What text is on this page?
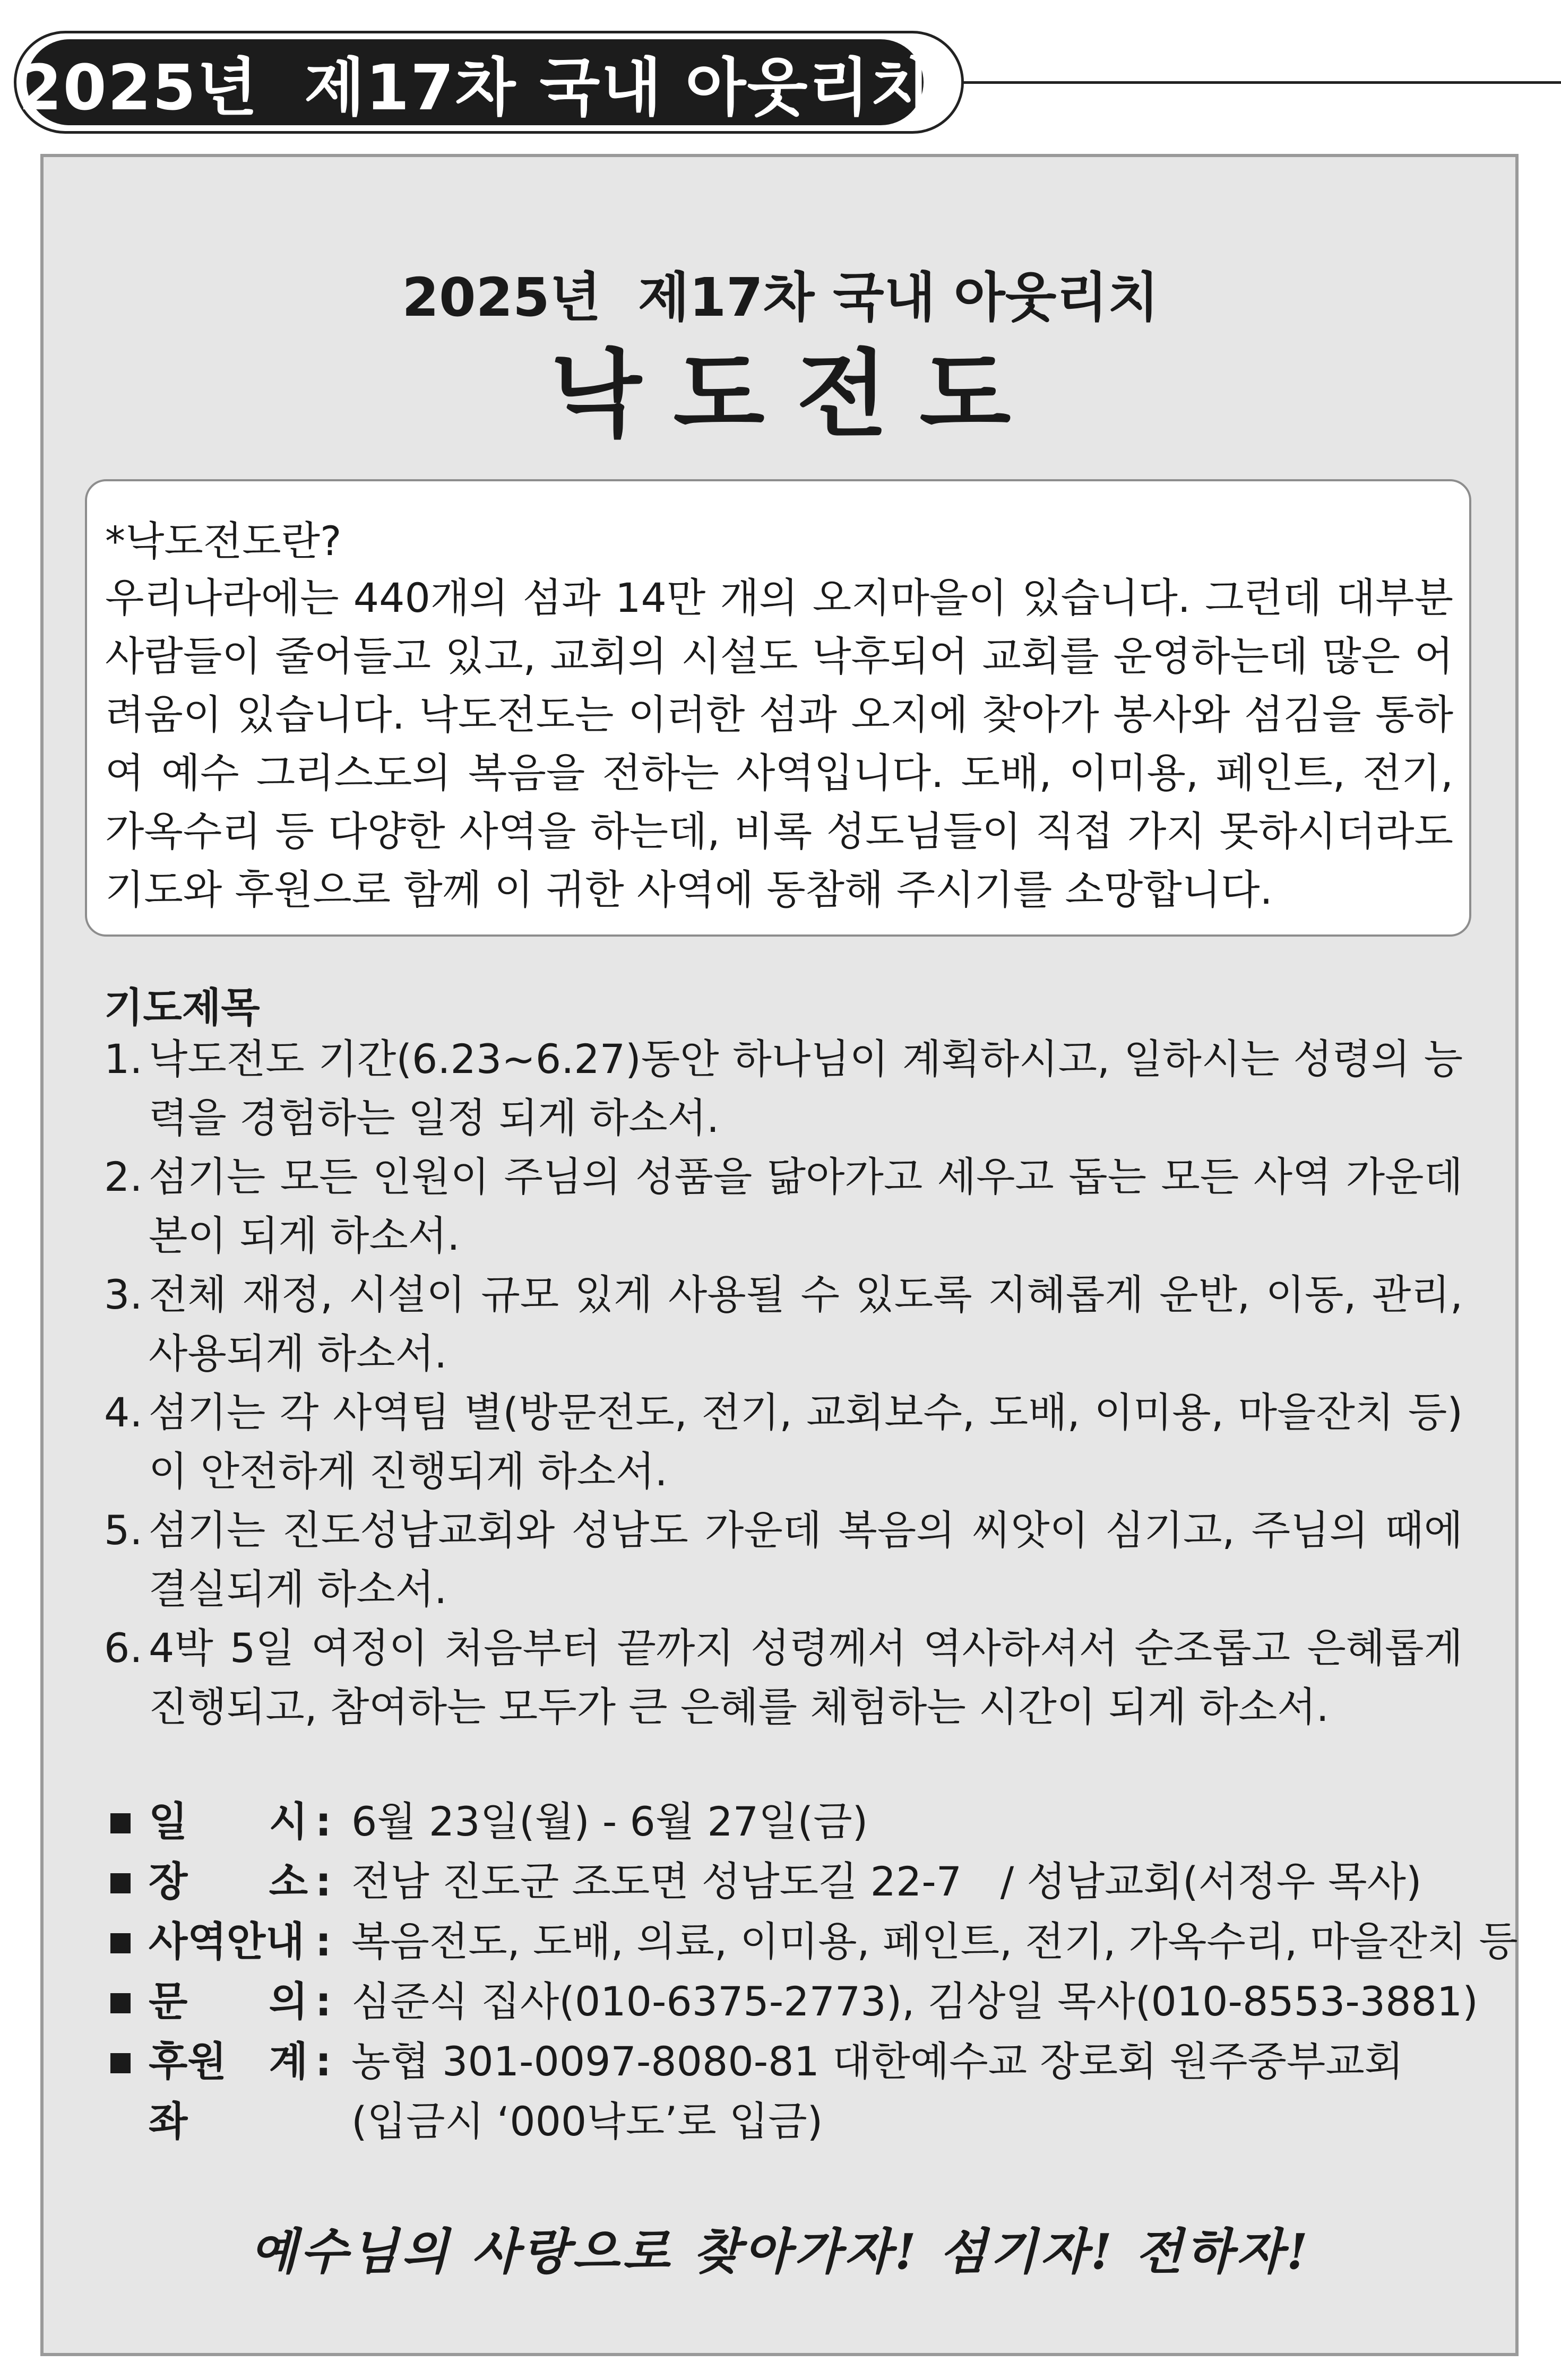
2025년  제17차 국내 아웃리치
2025년  제17차 국내 아웃리치
낙도전도

*낙도전도란?

우리나라에는 440개의 섬과 14만 개의 오지마을이 있습니다. 그런데 대부분 사람들이 줄어들고 있고, 교회의 시설도 낙후되어 교회를 운영하는데 많은 어려움이 있습니다. 낙도전도는 이러한 섬과 오지에 찾아가 봉사와 섬김을 통하여 예수 그리스도의 복음을 전하는 사역입니다. 도배, 이미용, 페인트, 전기, 가옥수리 등 다양한 사역을 하는데, 비록 성도님들이 직접 가지 못하시더라도 기도와 후원으로 함께 이 귀한 사역에 동참해 주시기를 소망합니다.

기도제목

1. 낙도전도 기간(6.23~6.27)동안 하나님이 계획하시고, 일하시는 성령의 능력을 경험하는 일정 되게 하소서.
2. 섬기는 모든 인원이 주님의 성품을 닮아가고 세우고 돕는 모든 사역 가운데 본이 되게 하소서.
3. 전체 재정, 시설이 규모 있게 사용될 수 있도록 지혜롭게 운반, 이동, 관리, 사용되게 하소서.
4. 섬기는 각 사역팀 별(방문전도, 전기, 교회보수, 도배, 이미용, 마을잔치 등)이 안전하게 진행되게 하소서.
5. 섬기는 진도성남교회와 성남도 가운데 복음의 씨앗이 심기고, 주님의 때에 결실되게 하소서.
6. 4박 5일 여정이 처음부터 끝까지 성령께서 역사하셔서 순조롭고 은혜롭게 진행되고, 참여하는 모두가 큰 은혜를 체험하는 시간이 되게 하소서.
일 시 : 6월 23일(월) - 6월 27일(금)
장 소 : 전남 진도군 조도면 성남도길 22-7   / 성남교회(서정우 목사)
사역안내 : 복음전도, 도배, 의료, 이미용, 페인트, 전기, 가옥수리, 마을잔치 등
문 의 : 심준식 집사(010-6375-2773), 김상일 목사(010-8553-3881)
후원 계좌
: 농협 301-0097-8080-81 대한예수교 장로회 원주중부교회
(입금시 ‘000낙도’로 입금)
예수님의 사랑으로 찾아가자! 섬기자! 전하자!
